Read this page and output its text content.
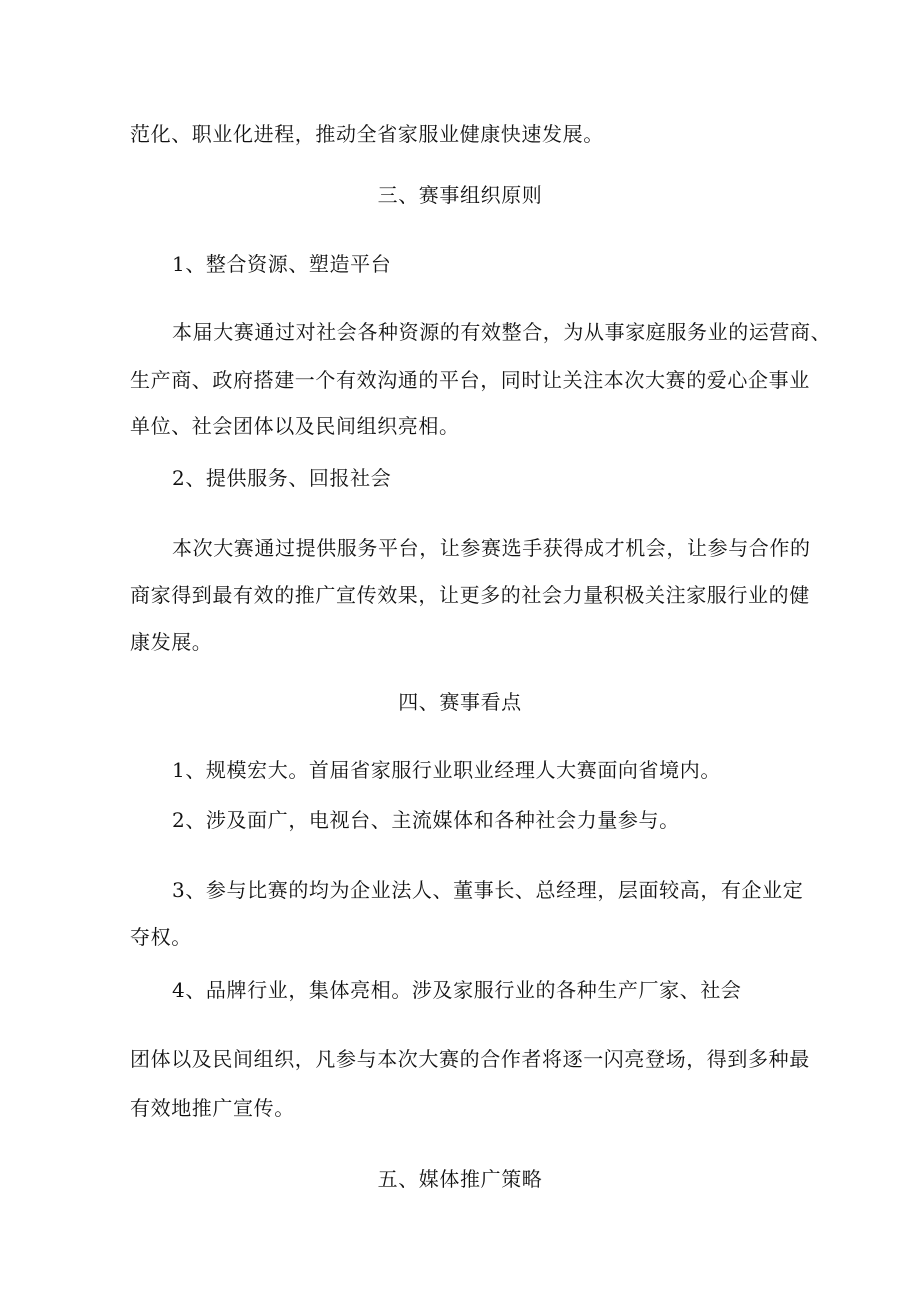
范化、职业化进程，推动全省家服业健康快速发展。
三、赛事组织原则
1、整合资源、塑造平台
本届大赛通过对社会各种资源的有效整合，为从事家庭服务业的运营商、
生产商、政府搭建一个有效沟通的平台，同时让关注本次大赛的爱心企事业
单位、社会团体以及民间组织亮相。
2、提供服务、回报社会
本次大赛通过提供服务平台，让参赛选手获得成才机会，让参与合作的
商家得到最有效的推广宣传效果，让更多的社会力量积极关注家服行业的健
康发展。
四、赛事看点
1、规模宏大。首届省家服行业职业经理人大赛面向省境内。
2、涉及面广，电视台、主流媒体和各种社会力量参与。
3、参与比赛的均为企业法人、董事长、总经理，层面较高，有企业定
夺权。
4、品牌行业，集体亮相。涉及家服行业的各种生产厂家、社会
团体以及民间组织，凡参与本次大赛的合作者将逐一闪亮登场，得到多种最
有效地推广宣传。
五、媒体推广策略
